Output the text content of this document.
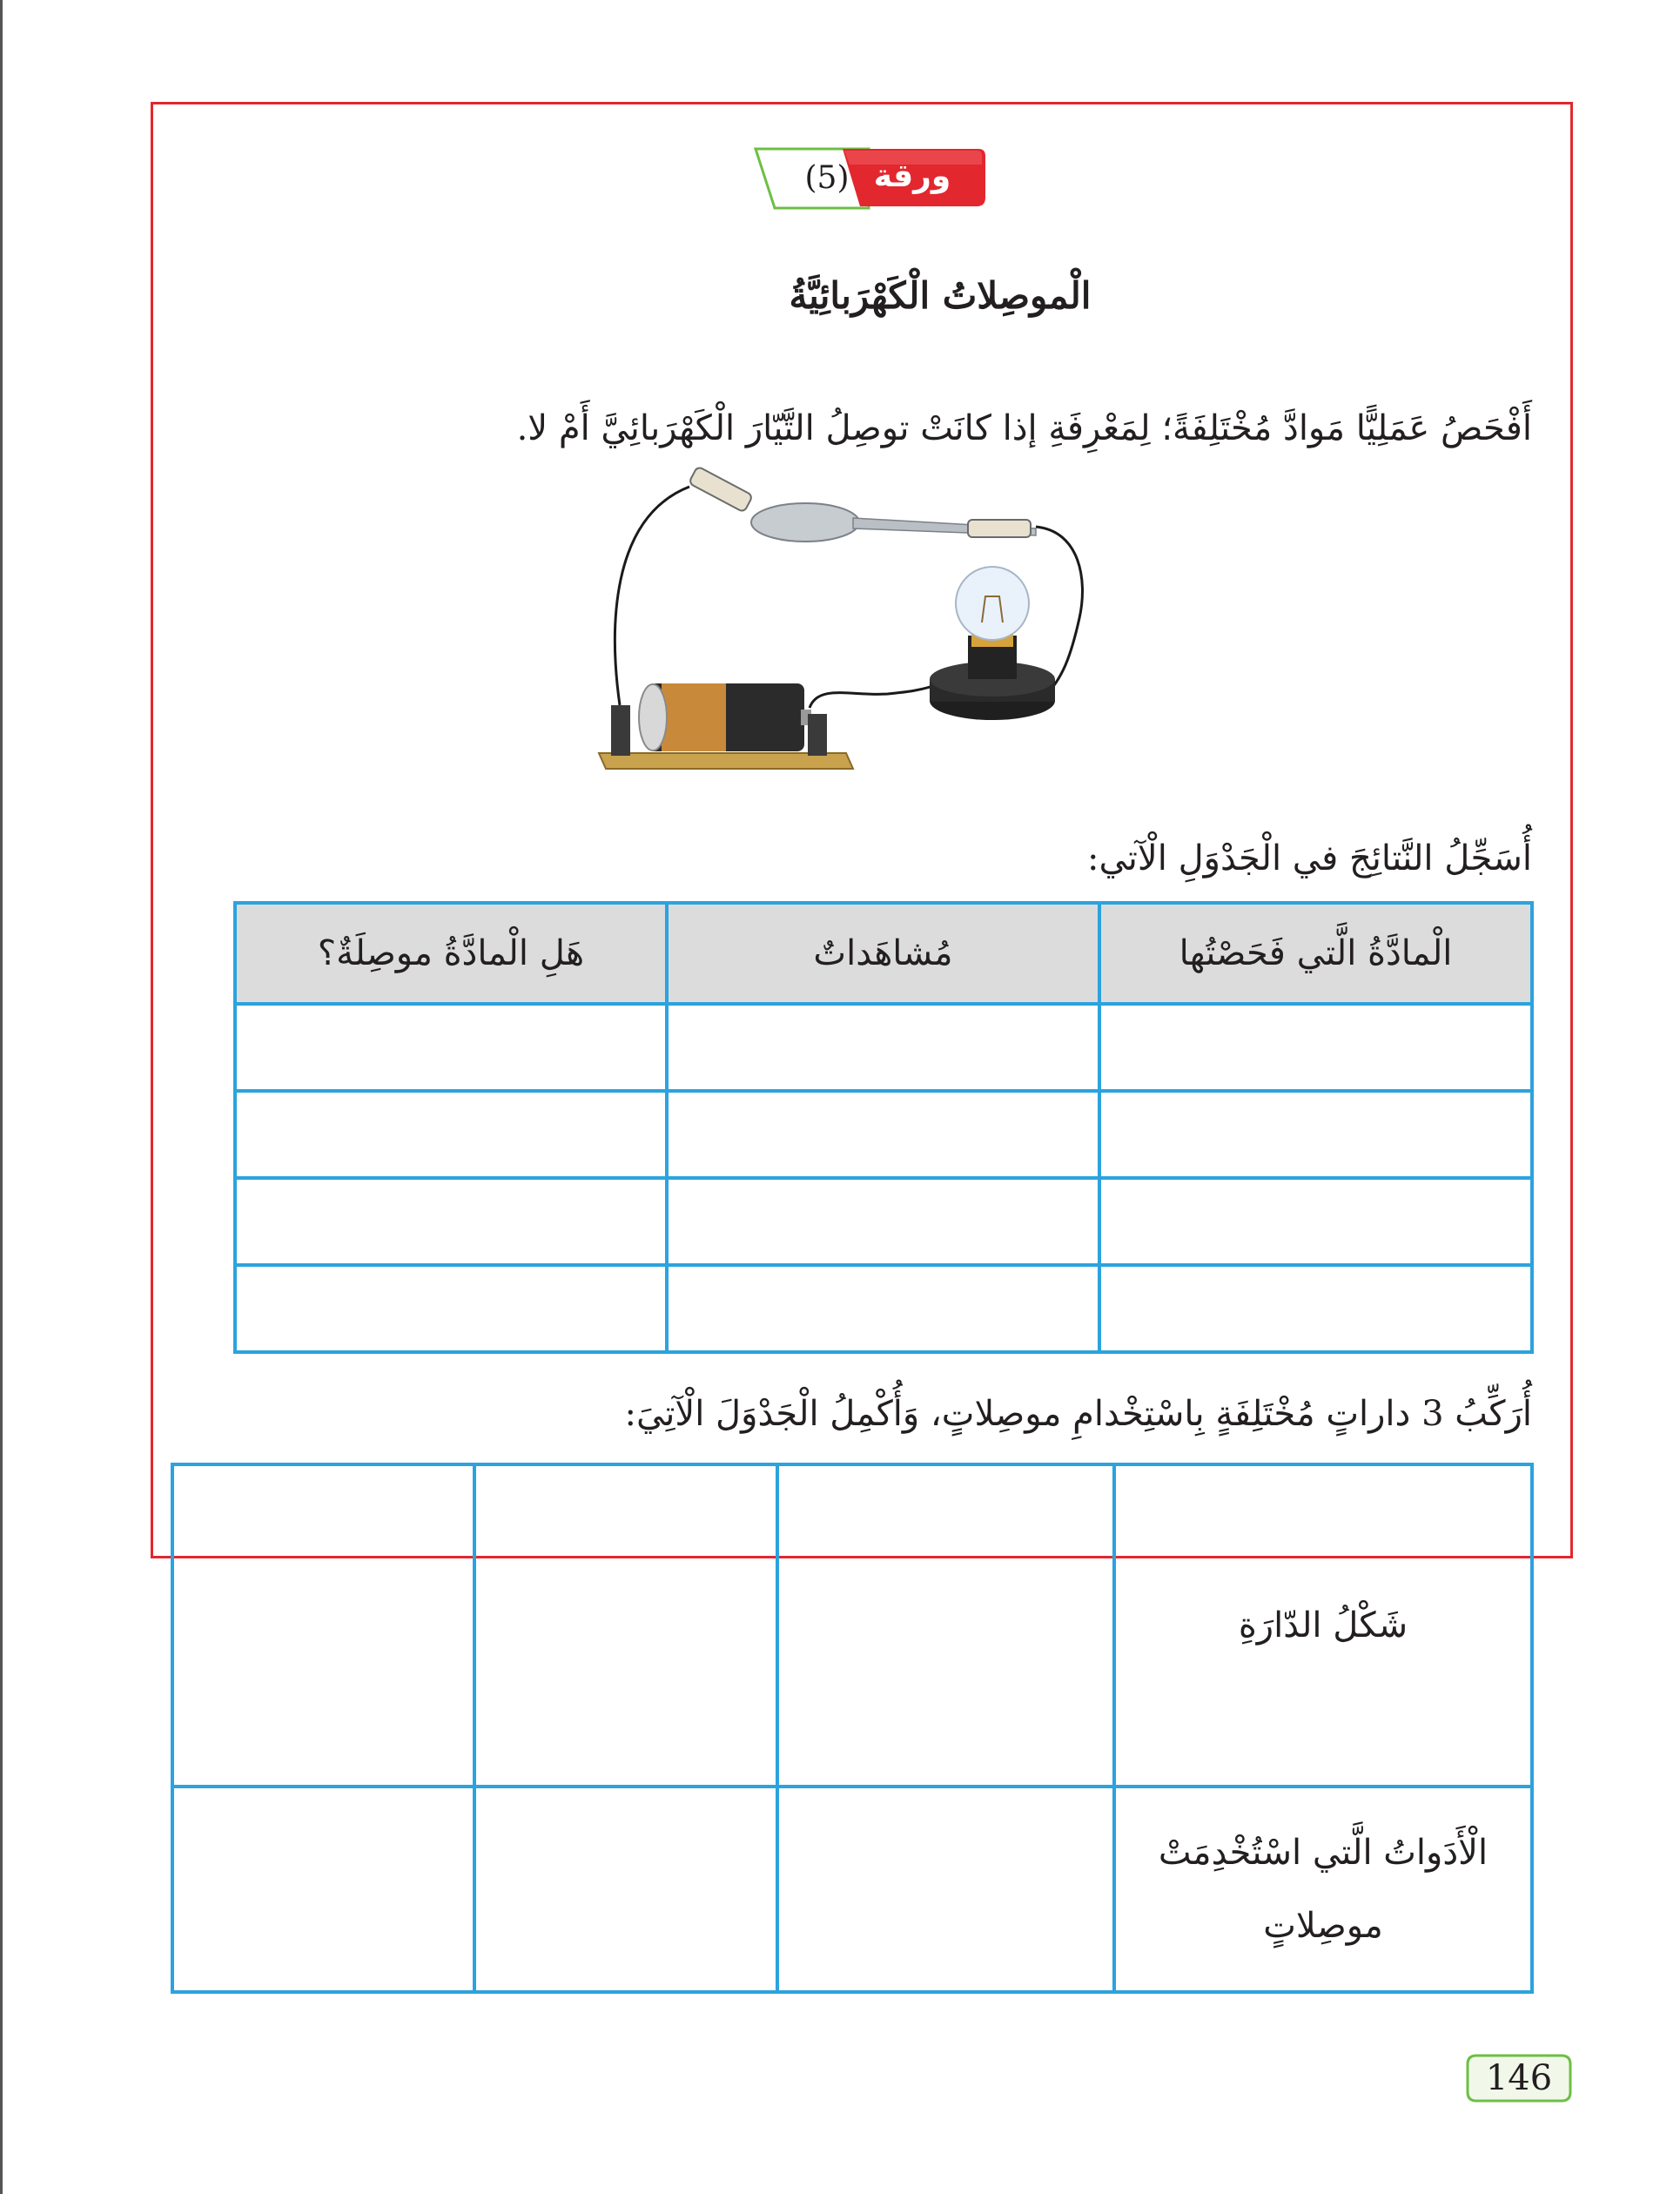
(5) ورقة عمل
الْموصِلاتُ الْكَهْرَبائِيَّةُ
أَفْحَصُ عَمَلِيًّا مَوادَّ مُخْتَلِفَةً؛ لِمَعْرِفَةِ إذا كانَتْ توصِلُ التَّيّارَ الْكَهْرَبائِيَّ أَمْ لا.
أُسَجِّلُ النَّتائِجَ في الْجَدْوَلِ الْآتي:
الْمادَّةُ الَّتي فَحَصْتُها	مُشاهَداتٌ	هَلِ الْمادَّةُ موصِلَةٌ؟

أُرَكِّبُ 3 داراتٍ مُخْتَلِفَةٍ بِاسْتِخْدامِ موصِلاتٍ، وَأُكْمِلُ الْجَدْوَلَ الْآتِيَ:
شَكْلُ الدّارَةِ			
الْأَدَواتُ الَّتي اسْتُخْدِمَتْ موصِلاتٍ			
146
